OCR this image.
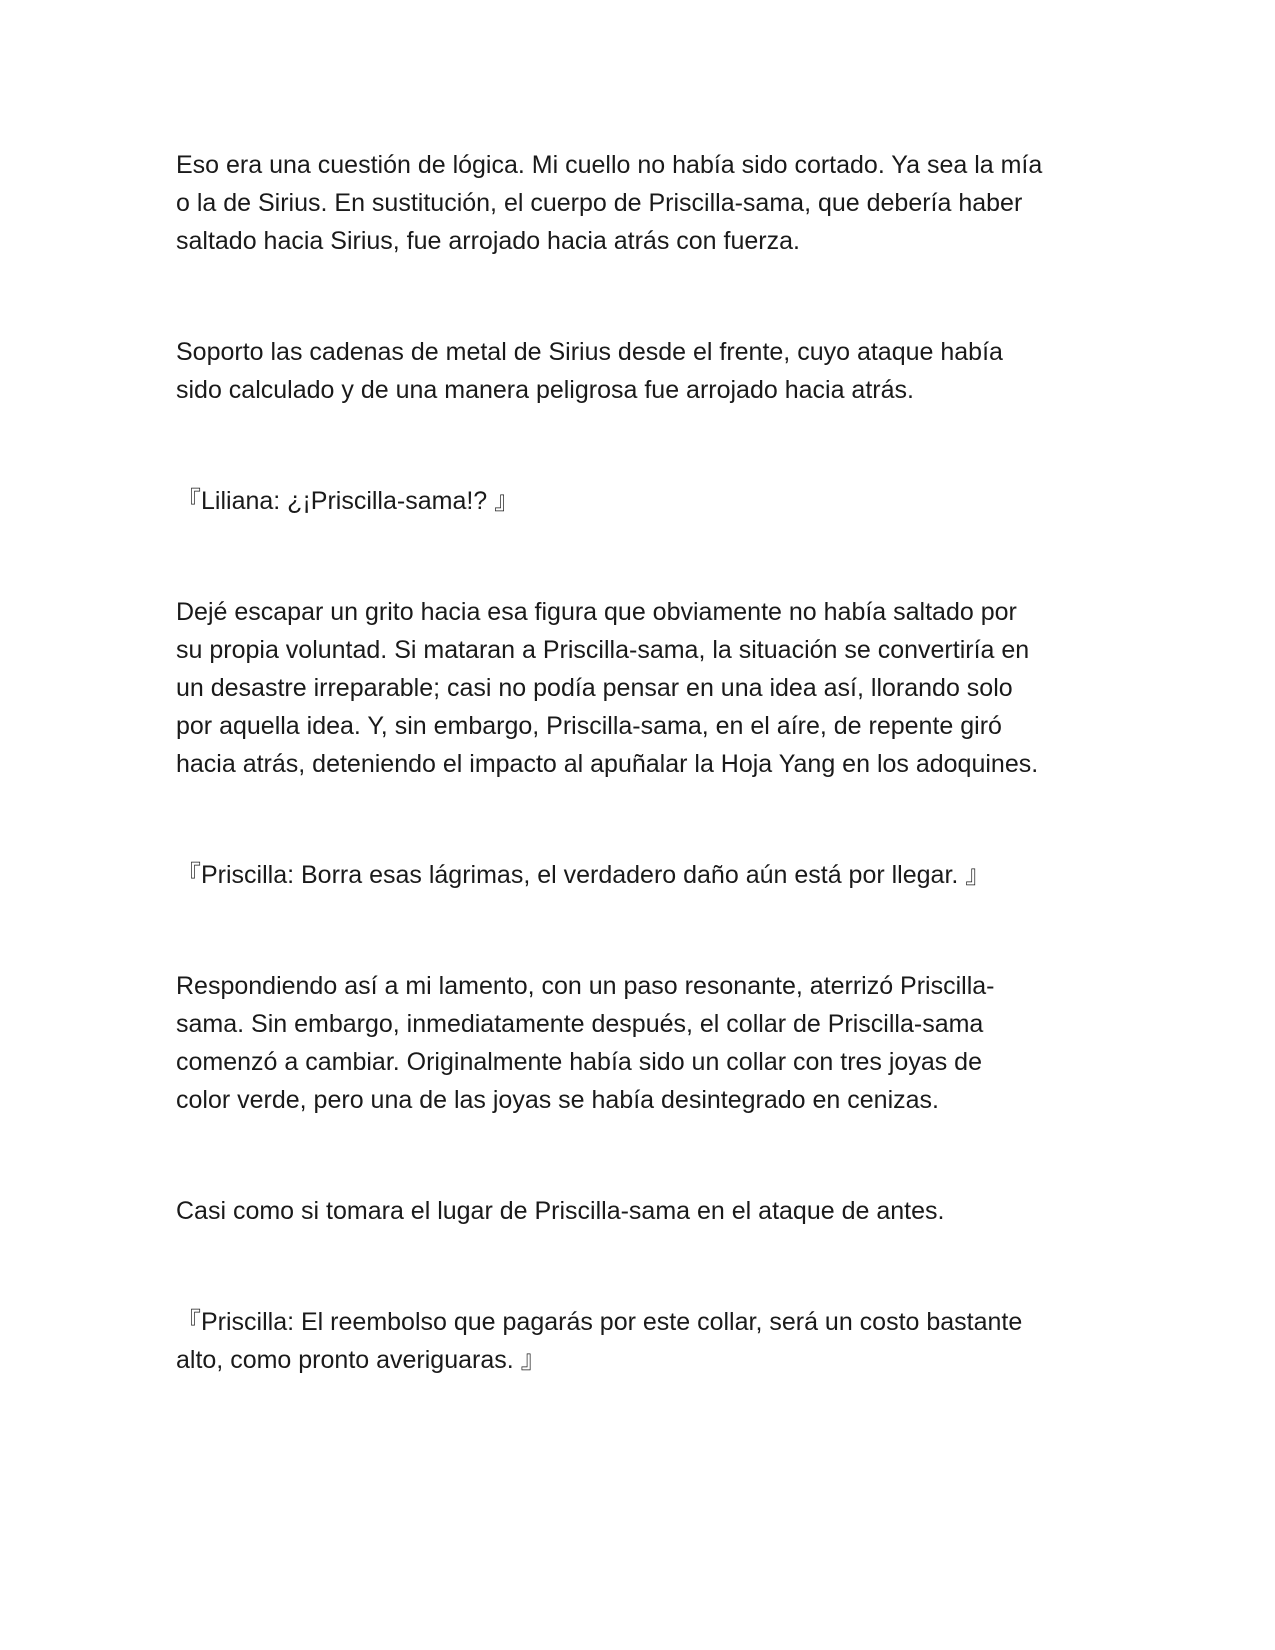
Eso era una cuestión de lógica. Mi cuello no había sido cortado. Ya sea la mía
o la de Sirius. En sustitución, el cuerpo de Priscilla-sama, que debería haber
saltado hacia Sirius, fue arrojado hacia atrás con fuerza.

Soporto las cadenas de metal de Sirius desde el frente, cuyo ataque había
sido calculado y de una manera peligrosa fue arrojado hacia atrás.

『Liliana: ¿¡Priscilla-sama!? 』

Dejé escapar un grito hacia esa figura que obviamente no había saltado por
su propia voluntad. Si mataran a Priscilla-sama, la situación se convertiría en
un desastre irreparable; casi no podía pensar en una idea así, llorando solo
por aquella idea. Y, sin embargo, Priscilla-sama, en el aíre, de repente giró
hacia atrás, deteniendo el impacto al apuñalar la Hoja Yang en los adoquines.

『Priscilla: Borra esas lágrimas, el verdadero daño aún está por llegar. 』

Respondiendo así a mi lamento, con un paso resonante, aterrizó Priscilla-
sama. Sin embargo, inmediatamente después, el collar de Priscilla-sama
comenzó a cambiar. Originalmente había sido un collar con tres joyas de
color verde, pero una de las joyas se había desintegrado en cenizas.

Casi como si tomara el lugar de Priscilla-sama en el ataque de antes.

『Priscilla: El reembolso que pagarás por este collar, será un costo bastante
alto, como pronto averiguaras. 』
